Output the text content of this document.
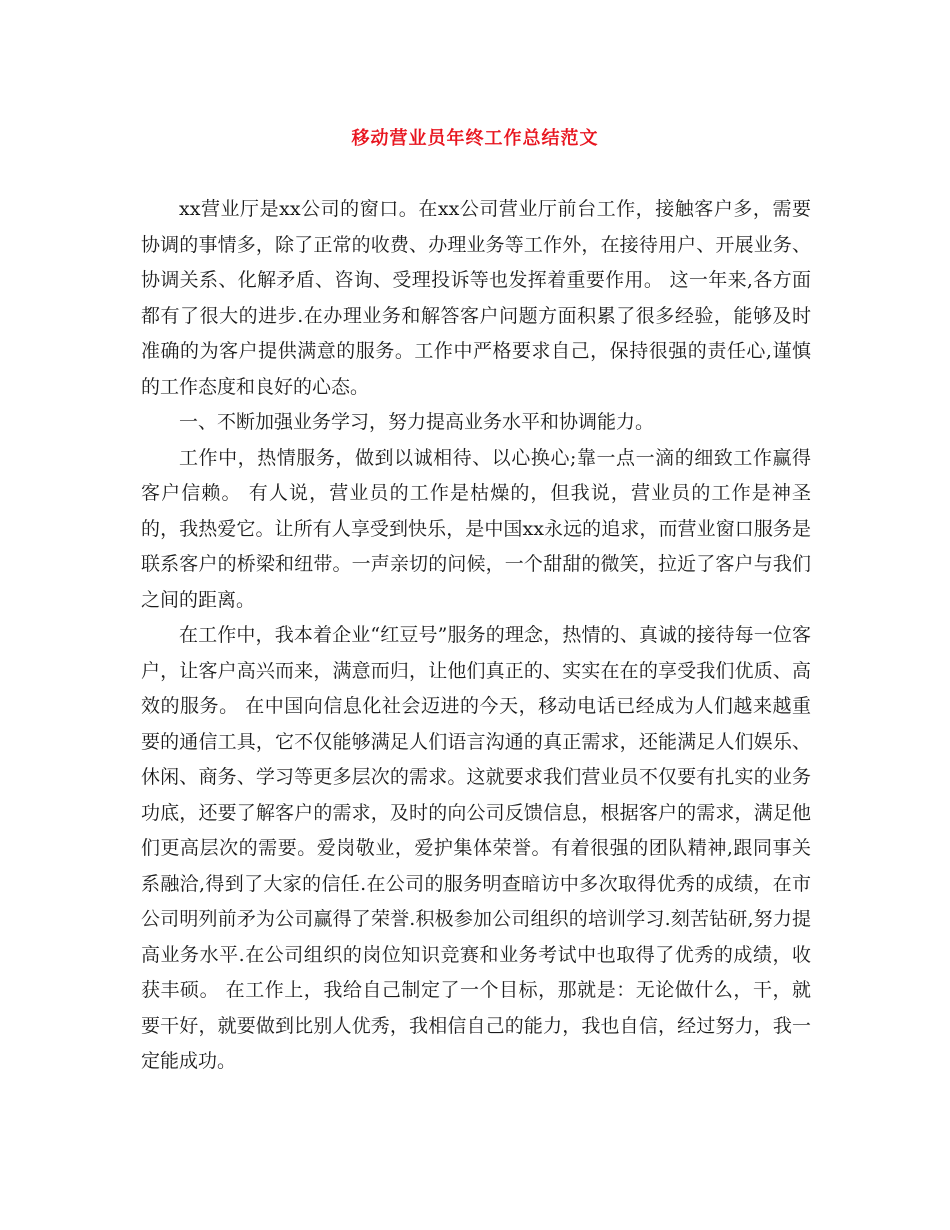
移动营业员年终工作总结范文

xx营业厅是xx公司的窗口。在xx公司营业厅前台工作，接触客户多，需要协调的事情多，除了正常的收费、办理业务等工作外，在接待用户、开展业务、协调关系、化解矛盾、咨询、受理投诉等也发挥着重要作用。 这一年来,各方面都有了很大的进步.在办理业务和解答客户问题方面积累了很多经验，能够及时准确的为客户提供满意的服务。工作中严格要求自己，保持很强的责任心,谨慎的工作态度和良好的心态。

一、不断加强业务学习，努力提高业务水平和协调能力。

工作中，热情服务，做到以诚相待、以心换心;靠一点一滴的细致工作赢得客户信赖。 有人说，营业员的工作是枯燥的，但我说，营业员的工作是神圣的，我热爱它。让所有人享受到快乐，是中国xx永远的追求，而营业窗口服务是联系客户的桥梁和纽带。一声亲切的问候，一个甜甜的微笑，拉近了客户与我们之间的距离。

在工作中，我本着企业“红豆号”服务的理念，热情的、真诚的接待每一位客户，让客户高兴而来，满意而归，让他们真正的、实实在在的享受我们优质、高效的服务。 在中国向信息化社会迈进的今天，移动电话已经成为人们越来越重要的通信工具，它不仅能够满足人们语言沟通的真正需求，还能满足人们娱乐、休闲、商务、学习等更多层次的需求。这就要求我们营业员不仅要有扎实的业务功底，还要了解客户的需求，及时的向公司反馈信息，根据客户的需求，满足他们更高层次的需要。爱岗敬业，爱护集体荣誉。有着很强的团队精神,跟同事关系融洽,得到了大家的信任.在公司的服务明查暗访中多次取得优秀的成绩，在市公司明列前矛为公司赢得了荣誉.积极参加公司组织的培训学习.刻苦钻研,努力提高业务水平.在公司组织的岗位知识竞赛和业务考试中也取得了优秀的成绩，收获丰硕。 在工作上，我给自己制定了一个目标，那就是：无论做什么，干，就要干好，就要做到比别人优秀，我相信自己的能力，我也自信，经过努力，我一定能成功。
